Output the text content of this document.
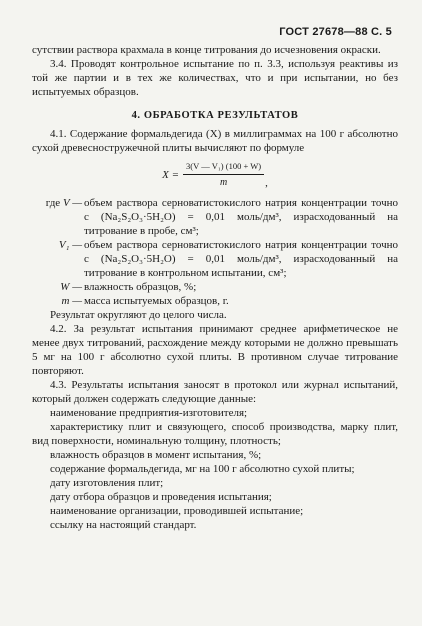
ГОСТ 27678—88 С. 5

сутствии раствора крахмала в конце титрования до исчезновения окраски.

3.4. Проводят контрольное испытание по п. 3.3, используя реактивы из той же партии и в тех же количествах, что и при испытании, но без испытуемых образцов.

4. ОБРАБОТКА РЕЗУЛЬТАТОВ

4.1. Содержание формальдегида (X) в миллиграммах на 100 г абсолютно сухой древесностружечной плиты вычисляют по формуле

$X = \frac{\text{3(V — V₁) (100 + W)}}{m}$ ,
где V — объем раствора серноватистокислого натрия концентрации точно c (Na₂S₂O₃·5H₂O) = 0,01 моль/дм³, израсходованный на титрование в пробе, см³;
V₁ — объем раствора серноватистокислого натрия концентрации точно c (Na₂S₂O₃·5H₂O) = 0,01 моль/дм³, израсходованный на титрование в контрольном испытании, см³;
W — влажность образцов, %;
m — масса испытуемых образцов, г.

Результат округляют до целого числа.

4.2. За результат испытания принимают среднее арифметическое не менее двух титрований, расхождение между которыми не должно превышать 5 мг на 100 г абсолютно сухой плиты. В противном случае титрование повторяют.

4.3. Результаты испытания заносят в протокол или журнал испытаний, который должен содержать следующие данные:

наименование предприятия-изготовителя;

характеристику плит и связующего, способ производства, марку плит, вид поверхности, номинальную толщину, плотность;

влажность образцов в момент испытания, %;

содержание формальдегида, мг на 100 г абсолютно сухой плиты;

дату изготовления плит;

дату отбора образцов и проведения испытания;

наименование организации, проводившей испытание;

ссылку на настоящий стандарт.
